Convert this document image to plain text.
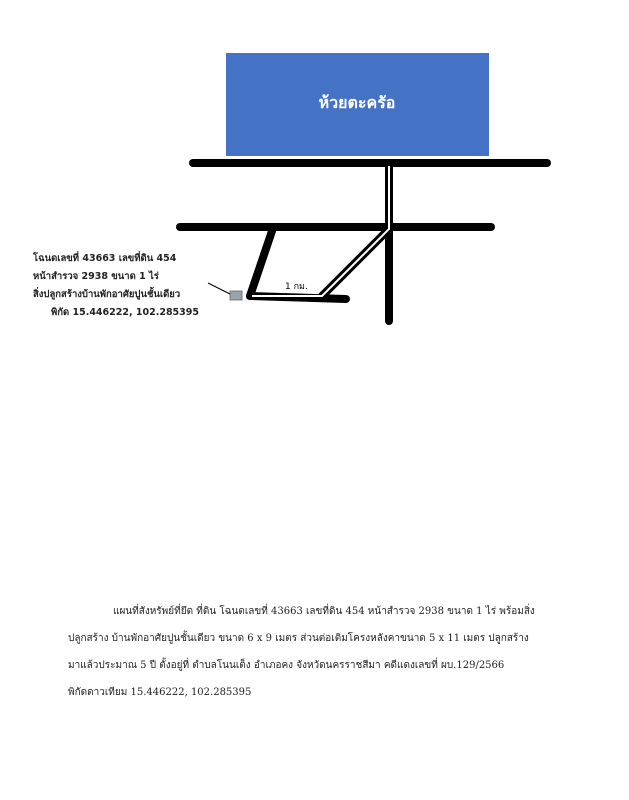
ห้วยตะครัอ
1 กม.
โฉนดเลขที่ 43663 เลขที่ดิน 454
หน้าสำรวจ 2938 ขนาด 1 ไร่
สิ่งปลูกสร้างบ้านพักอาศัยปูนชั้นเดียว
พิกัด 15.446222, 102.285395
แผนที่สังหรัพย์ที่ยึด ที่ดิน โฉนดเลขที่ 43663 เลขที่ดิน 454 หน้าสำรวจ 2938 ขนาด 1 ไร่ พร้อมสิ่ง
ปลูกสร้าง บ้านพักอาศัยปูนชั้นเดียว ขนาด 6 x 9 เมตร ส่วนต่อเติมโครงหลังคาขนาด 5 x 11 เมตร ปลูกสร้าง
มาแล้วประมาณ 5 ปี ตั้งอยู่ที่ ตำบลโนนเต็ง อำเภอคง จังหวัดนครราชสีมา คดีแดงเลขที่ ผบ.129/2566
พิกัดดาวเทียม 15.446222, 102.285395
